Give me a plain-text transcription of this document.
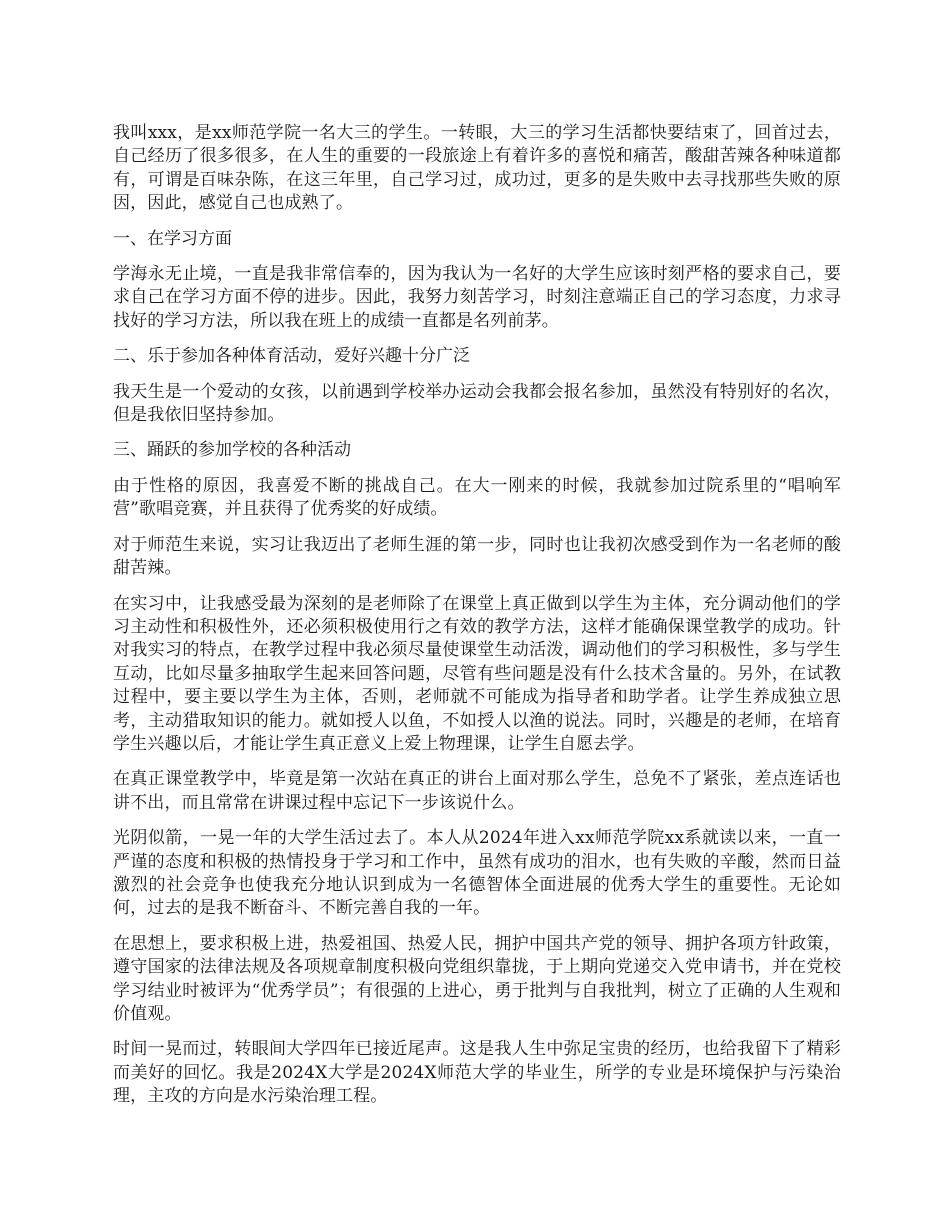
我叫xxx，是xx师范学院一名大三的学生。一转眼，大三的学习生活都快要结束了，回首过去，自己经历了很多很多，在人生的重要的一段旅途上有着许多的喜悦和痛苦，酸甜苦辣各种味道都有，可谓是百味杂陈，在这三年里，自己学习过，成功过，更多的是失败中去寻找那些失败的原因，因此，感觉自己也成熟了。

一、在学习方面

学海永无止境，一直是我非常信奉的，因为我认为一名好的大学生应该时刻严格的要求自己，要求自己在学习方面不停的进步。因此，我努力刻苦学习，时刻注意端正自己的学习态度，力求寻找好的学习方法，所以我在班上的成绩一直都是名列前茅。

二、乐于参加各种体育活动，爱好兴趣十分广泛

我天生是一个爱动的女孩，以前遇到学校举办运动会我都会报名参加，虽然没有特别好的名次，但是我依旧坚持参加。

三、踊跃的参加学校的各种活动

由于性格的原因，我喜爱不断的挑战自己。在大一刚来的时候，我就参加过院系里的“唱响军营”歌唱竞赛，并且获得了优秀奖的好成绩。

对于师范生来说，实习让我迈出了老师生涯的第一步，同时也让我初次感受到作为一名老师的酸甜苦辣。

在实习中，让我感受最为深刻的是老师除了在课堂上真正做到以学生为主体，充分调动他们的学习主动性和积极性外，还必须积极使用行之有效的教学方法，这样才能确保课堂教学的成功。针对我实习的特点，在教学过程中我必须尽量使课堂生动活泼，调动他们的学习积极性，多与学生互动，比如尽量多抽取学生起来回答问题，尽管有些问题是没有什么技术含量的。另外，在试教过程中，要主要以学生为主体，否则，老师就不可能成为指导者和助学者。让学生养成独立思考，主动猎取知识的能力。就如授人以鱼，不如授人以渔的说法。同时，兴趣是的老师，在培育学生兴趣以后，才能让学生真正意义上爱上物理课，让学生自愿去学。

在真正课堂教学中，毕竟是第一次站在真正的讲台上面对那么学生，总免不了紧张，差点连话也讲不出，而且常常在讲课过程中忘记下一步该说什么。

光阴似箭，一晃一年的大学生活过去了。本人从2024年进入xx师范学院xx系就读以来，一直一严谨的态度和积极的热情投身于学习和工作中，虽然有成功的泪水，也有失败的辛酸，然而日益激烈的社会竞争也使我充分地认识到成为一名德智体全面进展的优秀大学生的重要性。无论如何，过去的是我不断奋斗、不断完善自我的一年。

在思想上，要求积极上进，热爱祖国、热爱人民，拥护中国共产党的领导、拥护各项方针政策，遵守国家的法律法规及各项规章制度积极向党组织靠拢，于上期向党递交入党申请书，并在党校学习结业时被评为“优秀学员”；有很强的上进心，勇于批判与自我批判，树立了正确的人生观和价值观。

时间一晃而过，转眼间大学四年已接近尾声。这是我人生中弥足宝贵的经历，也给我留下了精彩而美好的回忆。我是2024X大学是2024X师范大学的毕业生，所学的专业是环境保护与污染治理，主攻的方向是水污染治理工程。
